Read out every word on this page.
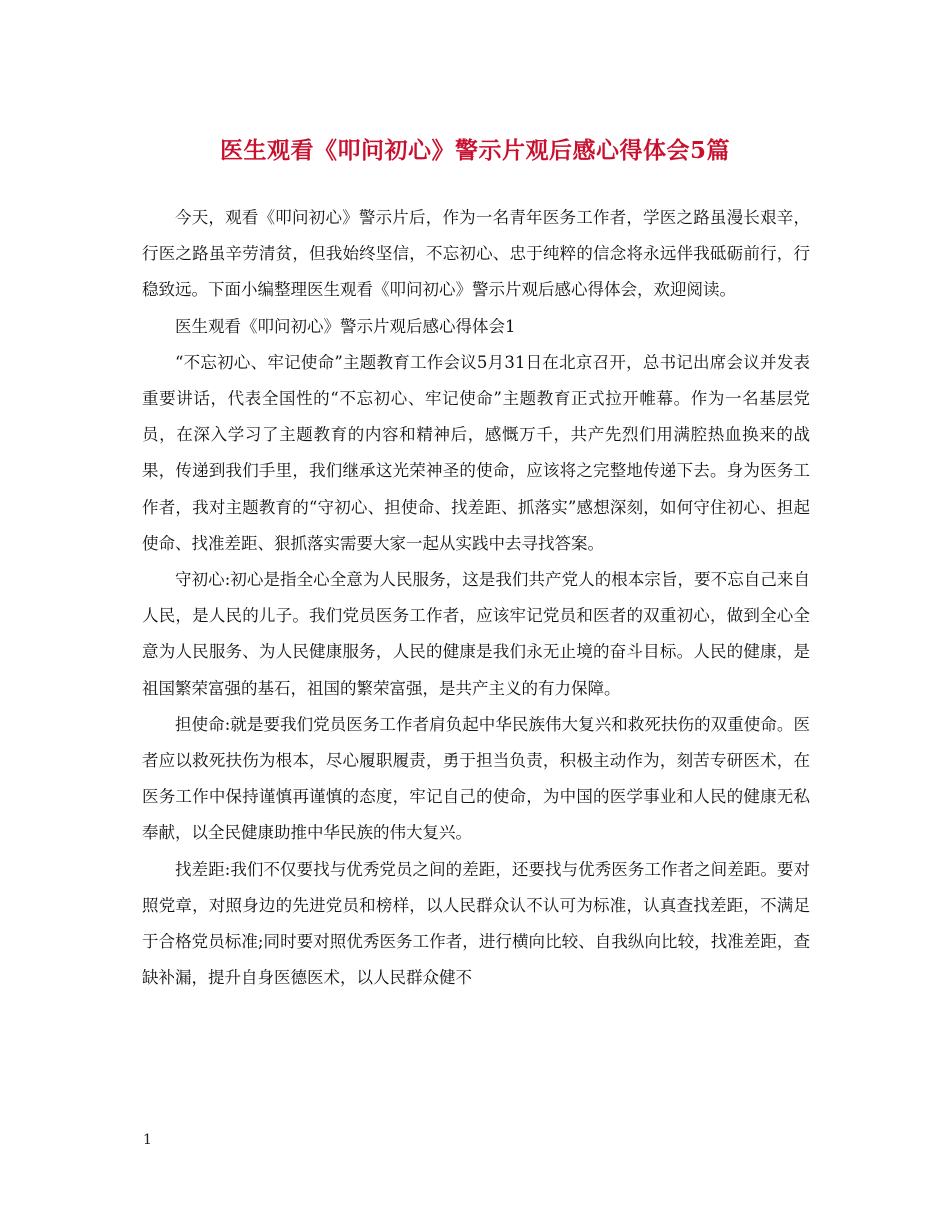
医生观看《叩问初心》警示片观后感心得体会5篇

今天，观看《叩问初心》警示片后，作为一名青年医务工作者，学医之路虽漫长艰辛，行医之路虽辛劳清贫，但我始终坚信，不忘初心、忠于纯粹的信念将永远伴我砥砺前行，行稳致远。下面小编整理医生观看《叩问初心》警示片观后感心得体会，欢迎阅读。

医生观看《叩问初心》警示片观后感心得体会1

“不忘初心、牢记使命”主题教育工作会议5月31日在北京召开，总书记出席会议并发表重要讲话，代表全国性的“不忘初心、牢记使命”主题教育正式拉开帷幕。作为一名基层党员，在深入学习了主题教育的内容和精神后，感慨万千，共产先烈们用满腔热血换来的战果，传递到我们手里，我们继承这光荣神圣的使命，应该将之完整地传递下去。身为医务工作者，我对主题教育的“守初心、担使命、找差距、抓落实”感想深刻，如何守住初心、担起使命、找准差距、狠抓落实需要大家一起从实践中去寻找答案。

守初心:初心是指全心全意为人民服务，这是我们共产党人的根本宗旨，要不忘自己来自人民，是人民的儿子。我们党员医务工作者，应该牢记党员和医者的双重初心，做到全心全意为人民服务、为人民健康服务，人民的健康是我们永无止境的奋斗目标。人民的健康，是祖国繁荣富强的基石，祖国的繁荣富强，是共产主义的有力保障。

担使命:就是要我们党员医务工作者肩负起中华民族伟大复兴和救死扶伤的双重使命。医者应以救死扶伤为根本，尽心履职履责，勇于担当负责，积极主动作为，刻苦专研医术，在医务工作中保持谨慎再谨慎的态度，牢记自己的使命，为中国的医学事业和人民的健康无私奉献，以全民健康助推中华民族的伟大复兴。

找差距:我们不仅要找与优秀党员之间的差距，还要找与优秀医务工作者之间差距。要对照党章，对照身边的先进党员和榜样，以人民群众认不认可为标准，认真查找差距，不满足于合格党员标准;同时要对照优秀医务工作者，进行横向比较、自我纵向比较，找准差距，查缺补漏，提升自身医德医术，以人民群众健不

1
